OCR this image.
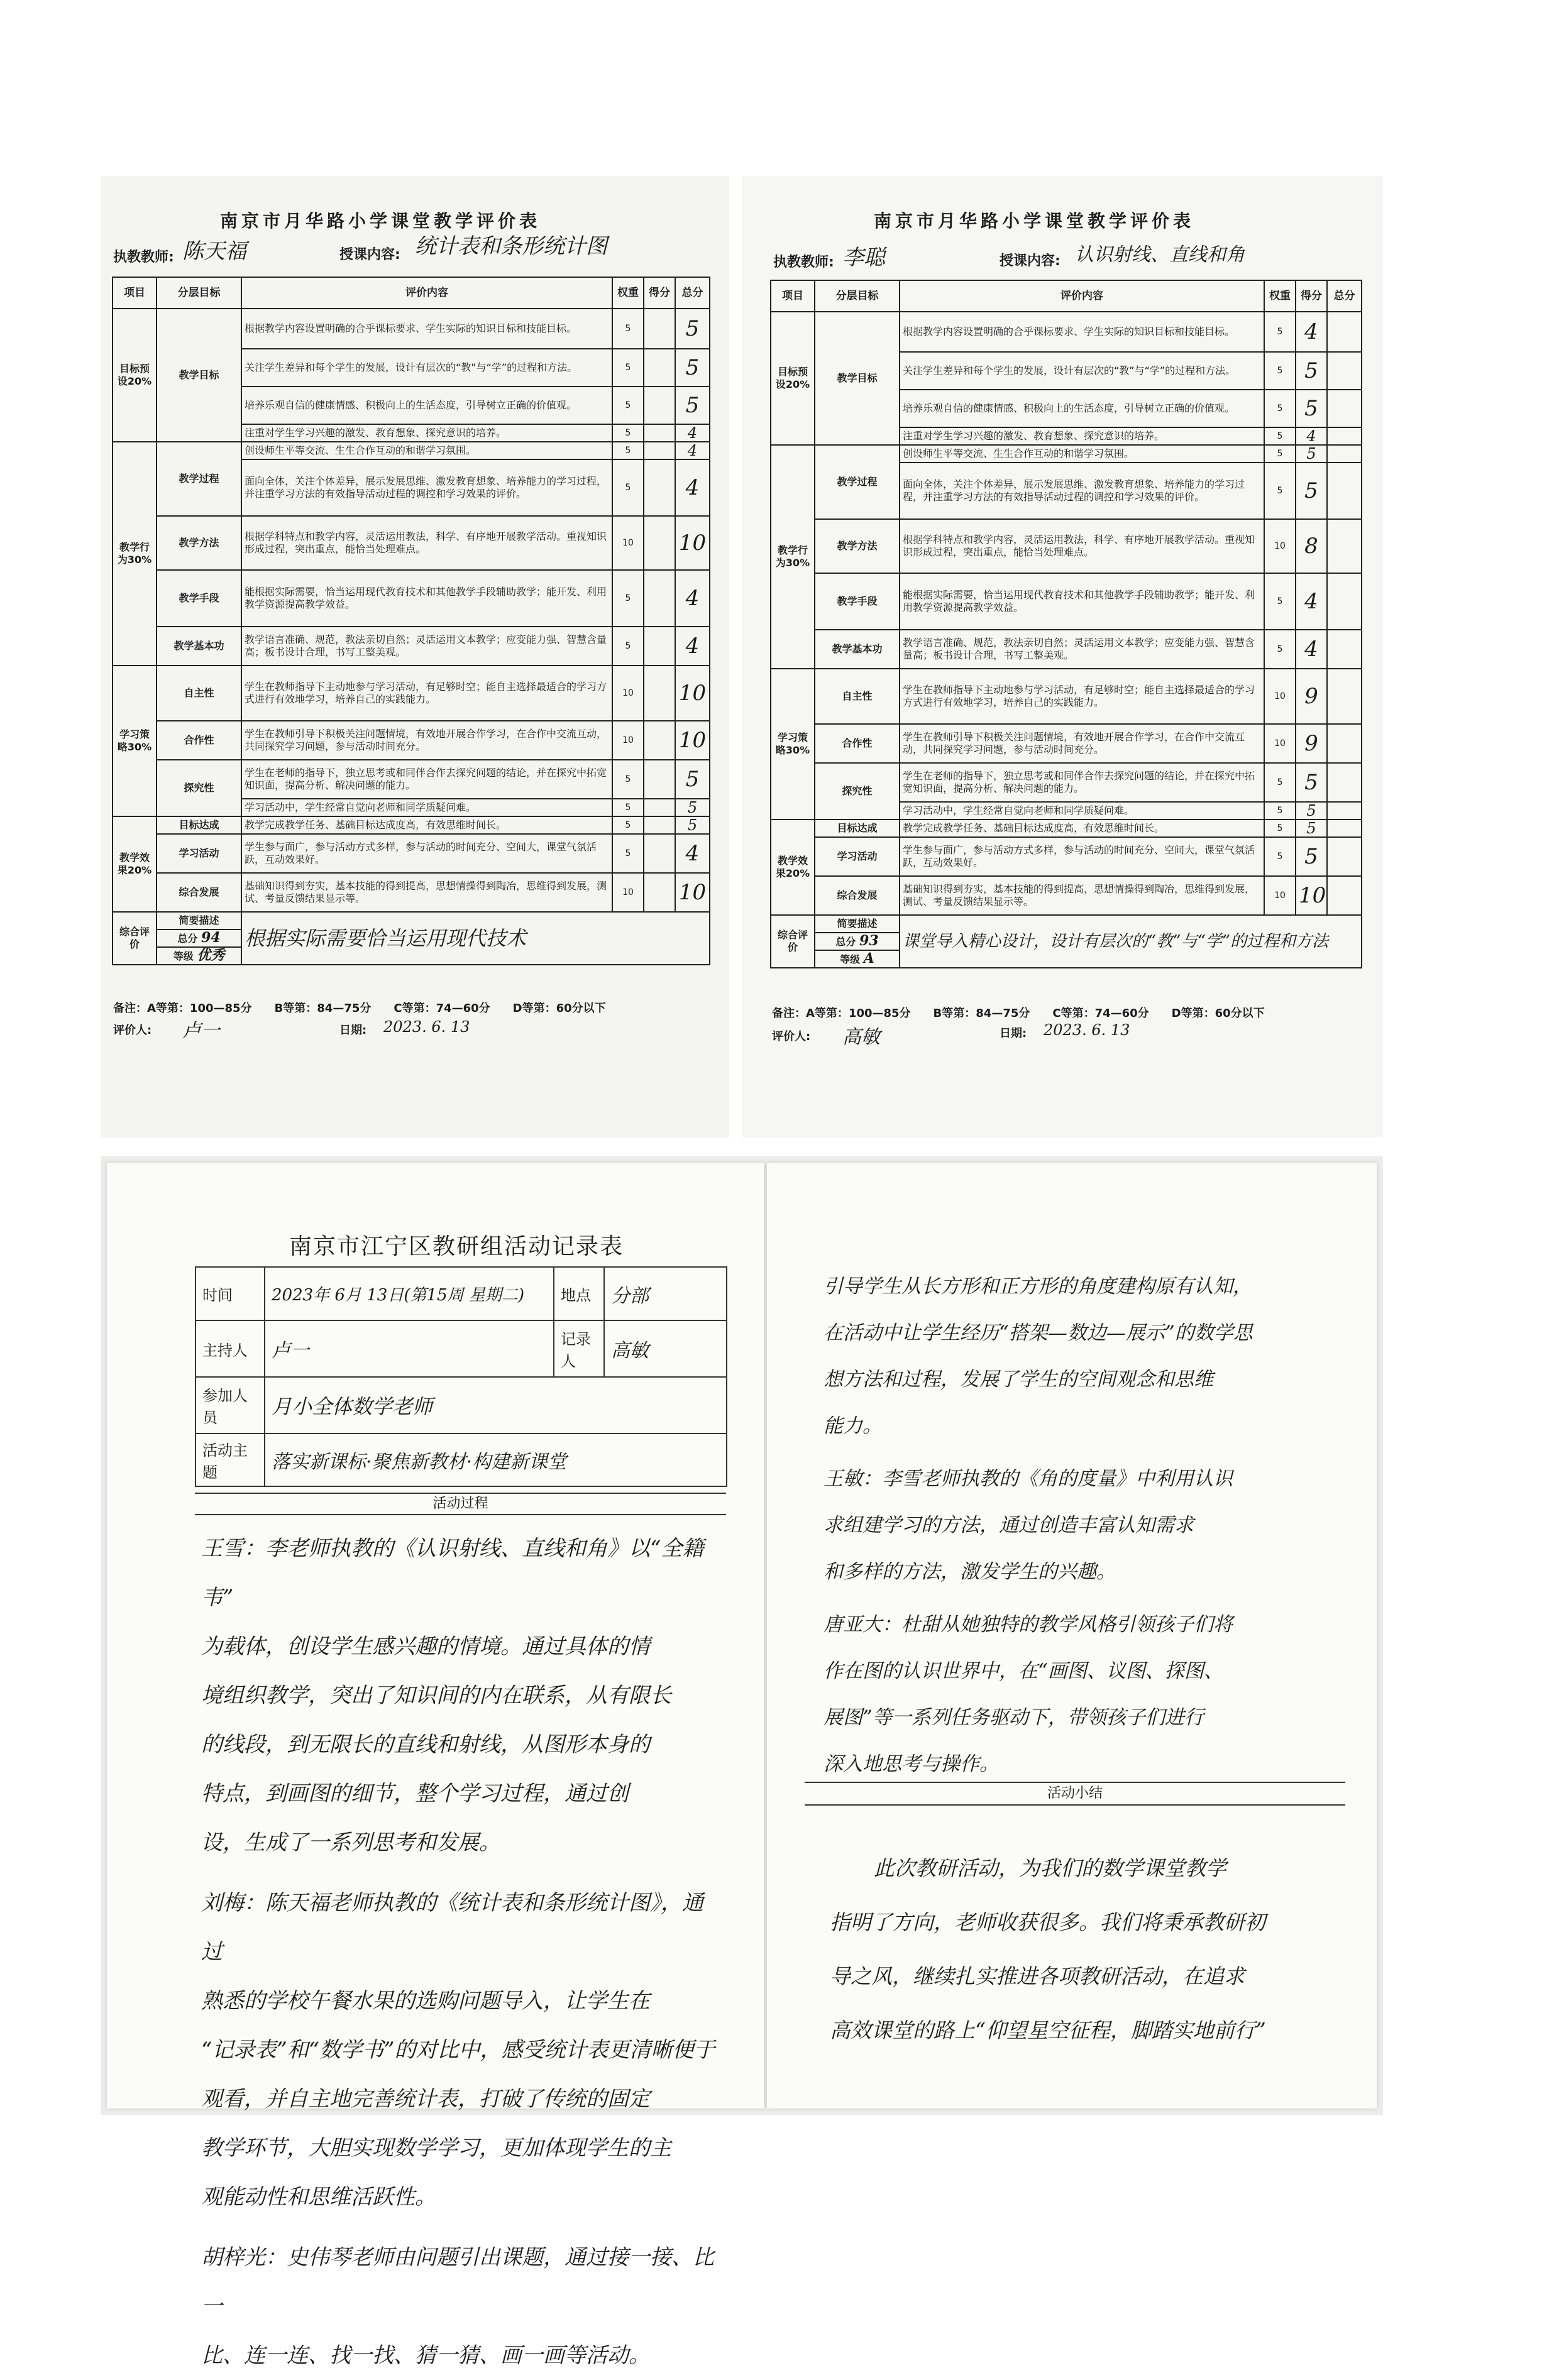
南京市月华路小学课堂教学评价表
执教教师: 陈天福	授课内容: 统计表和条形统计图
项目	分层目标	评价内容	权重	得分	总分
目标预设20%	教学目标	根据教学内容设置明确的合乎课标要求、学生实际的知识目标和技能目标。	5		5
		关注学生差异和每个学生的发展，设计有层次的“教”与“学”的过程和方法。	5		5
		培养乐观自信的健康情感、积极向上的生活态度，引导树立正确的价值观。	5		5
		注重对学生学习兴趣的激发、教育想象、探究意识的培养。	5		4
教学行为30%	教学过程	创设师生平等交流、生生合作互动的和谐学习氛围。	5		4
		面向全体，关注个体差异，展示发展思维、激发教育想象、培养能力的学习过程，并注重学习方法的有效指导活动过程的调控和学习效果的评价。	5		4
	教学方法	根据学科特点和教学内容，灵活运用教法，科学、有序地开展教学活动。重视知识形成过程，突出重点，能恰当处理难点。	10		10
	教学手段	能根据实际需要，恰当运用现代教育技术和其他教学手段辅助教学；能开发、利用教学资源提高教学效益。	5		4
	教学基本功	教学语言准确、规范，教法亲切自然；灵活运用文本教学；应变能力强、智慧含量高；板书设计合理，书写工整美观。	5		4
学习策略30%	自主性	学生在教师指导下主动地参与学习活动，有足够时空；能自主选择最适合的学习方式进行有效地学习，培养自己的实践能力。	10		10
	合作性	学生在教师引导下积极关注问题情境，有效地开展合作学习，在合作中交流互动，共同探究学习问题，参与活动时间充分。	10		10
	探究性	学生在老师的指导下，独立思考或和同伴合作去探究问题的结论，并在探究中拓宽知识面，提高分析、解决问题的能力。	5		5
		学习活动中，学生经常自觉向老师和同学质疑问难。	5		5
教学效果20%	目标达成	教学完成教学任务、基础目标达成度高，有效思维时间长。	5		5
	学习活动	学生参与面广，参与活动方式多样，参与活动的时间充分、空间大，课堂气氛活跃，互动效果好。	5		4
	综合发展	基础知识得到夯实，基本技能的得到提高，思想情操得到陶冶，思维得到发展，测试、考量反馈结果显示等。	10		10
综合评价	简要描述	根据实际需要恰当运用现代技术			
	总分 94				
	等级 优秀				
备注：A等第：100—85分　　B等第：84—75分　　C等第：74—60分　　D等第：60分以下
评价人: 卢一	日期: 2023. 6. 13
南京市月华路小学课堂教学评价表
执教教师: 李聪	授课内容: 认识射线、直线和角
项目	分层目标	评价内容	权重	得分	总分
目标预设20%	教学目标	根据教学内容设置明确的合乎课标要求、学生实际的知识目标和技能目标。	5	4	
		关注学生差异和每个学生的发展，设计有层次的“教”与“学”的过程和方法。	5	5	
		培养乐观自信的健康情感、积极向上的生活态度，引导树立正确的价值观。	5	5	
		注重对学生学习兴趣的激发、教育想象、探究意识的培养。	5	4	
教学行为30%	教学过程	创设师生平等交流、生生合作互动的和谐学习氛围。	5	5	
		面向全体，关注个体差异，展示发展思维、激发教育想象、培养能力的学习过程，并注重学习方法的有效指导活动过程的调控和学习效果的评价。	5	5	
	教学方法	根据学科特点和教学内容，灵活运用教法，科学、有序地开展教学活动。重视知识形成过程，突出重点，能恰当处理难点。	10	8	
	教学手段	能根据实际需要，恰当运用现代教育技术和其他教学手段辅助教学；能开发、利用教学资源提高教学效益。	5	4	
	教学基本功	教学语言准确、规范，教法亲切自然；灵活运用文本教学；应变能力强、智慧含量高；板书设计合理，书写工整美观。	5	4	
学习策略30%	自主性	学生在教师指导下主动地参与学习活动，有足够时空；能自主选择最适合的学习方式进行有效地学习，培养自己的实践能力。	10	9	
	合作性	学生在教师引导下积极关注问题情境，有效地开展合作学习，在合作中交流互动，共同探究学习问题，参与活动时间充分。	10	9	
	探究性	学生在老师的指导下，独立思考或和同伴合作去探究问题的结论，并在探究中拓宽知识面，提高分析、解决问题的能力。	5	5	
		学习活动中，学生经常自觉向老师和同学质疑问难。	5	5	
教学效果20%	目标达成	教学完成教学任务、基础目标达成度高，有效思维时间长。	5	5	
	学习活动	学生参与面广，参与活动方式多样，参与活动的时间充分、空间大，课堂气氛活跃，互动效果好。	5	5	
	综合发展	基础知识得到夯实，基本技能的得到提高，思想情操得到陶冶，思维得到发展，测试、考量反馈结果显示等。	10	10	
综合评价	简要描述	课堂导入精心设计，设计有层次的“教”与“学”的过程和方法			
	总分 93				
	等级 A				
备注：A等第：100—85分　　B等第：84—75分　　C等第：74—60分　　D等第：60分以下
评价人: 高敏	日期: 2023. 6. 13
南京市江宁区教研组活动记录表
时间	2023年 6月 13日(第15周 星期二)	地点	分部
主持人	卢一	记录人	高敏
参加人员	月小全体数学老师		
活动主题	落实新课标·聚焦新教材·构建新课堂		
活动过程
王雪：李老师执教的《认识射线、直线和角》以“全籍韦”
为载体，创设学生感兴趣的情境。通过具体的情
境组织教学，突出了知识间的内在联系，从有限长
的线段，到无限长的直线和射线，从图形本身的
特点，到画图的细节，整个学习过程，通过创
设，生成了一系列思考和发展。
刘梅：陈天福老师执教的《统计表和条形统计图》，通过
熟悉的学校午餐水果的选购问题导入，让学生在
“记录表”和“数学书”的对比中，感受统计表更清晰便于
观看，并自主地完善统计表，打破了传统的固定
教学环节，大胆实现数学学习，更加体现学生的主
观能动性和思维活跃性。
胡梓光：史伟琴老师由问题引出课题，通过接一接、比一
比、连一连、找一找、猜一猜、画一画等活动。
引导学生从长方形和正方形的角度建构原有认知，
在活动中让学生经历“搭架—数边—展示”的数学思
想方法和过程，发展了学生的空间观念和思维
能力。
王敏：李雪老师执教的《角的度量》中利用认识
求组建学习的方法，通过创造丰富认知需求
和多样的方法，激发学生的兴趣。
唐亚大：杜甜从她独特的教学风格引领孩子们将
作在图的认识世界中，在“画图、议图、探图、
展图”等一系列任务驱动下，带领孩子们进行
深入地思考与操作。
活动小结
此次教研活动，为我们的数学课堂教学
指明了方向，老师收获很多。我们将秉承教研初
导之风，继续扎实推进各项教研活动，在追求
高效课堂的路上“仰望星空征程，脚踏实地前行”
